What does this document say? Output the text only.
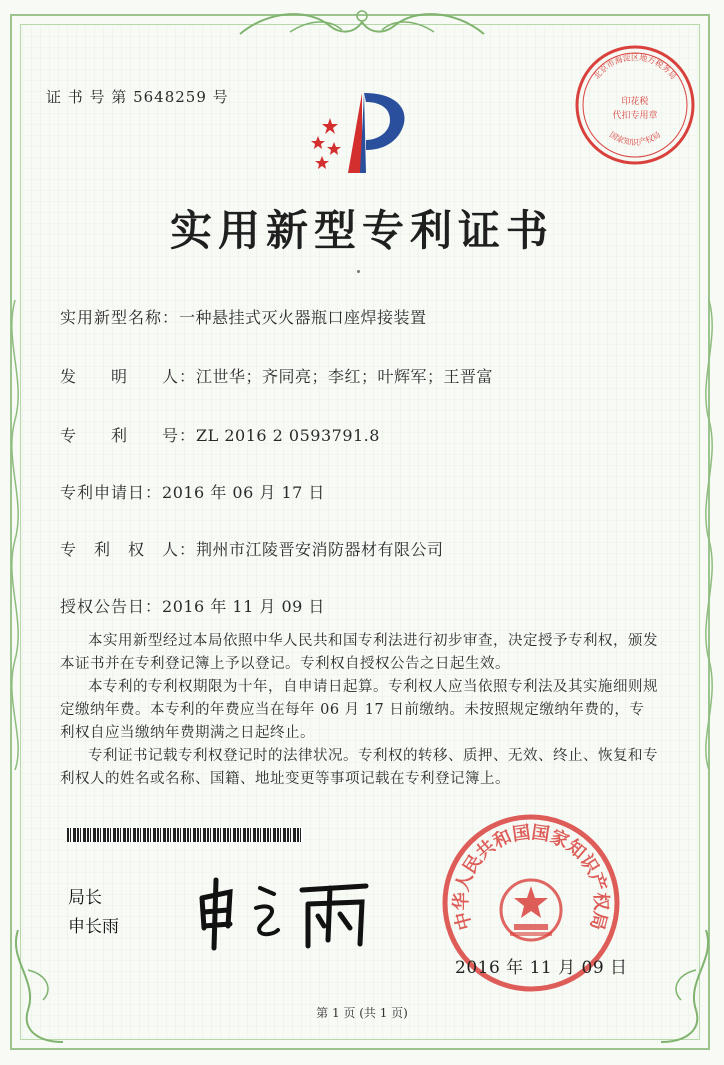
证 书 号 第 5648259 号
实用新型专利证书
实用新型名称：一种悬挂式灭火器瓶口座焊接装置
发　　明　　人：江世华；齐同亮；李红；叶辉军；王晋富
专　　利　　号：ZL 2016 2 0593791.8
专利申请日：2016 年 06 月 17 日
专　利　权　人：荆州市江陵晋安消防器材有限公司
授权公告日：2016 年 11 月 09 日

本实用新型经过本局依照中华人民共和国专利法进行初步审查，决定授予专利权，颁发本证书并在专利登记簿上予以登记。专利权自授权公告之日起生效。

本专利的专利权期限为十年，自申请日起算。专利权人应当依照专利法及其实施细则规定缴纳年费。本专利的年费应当在每年 06 月 17 日前缴纳。未按照规定缴纳年费的，专利权自应当缴纳年费期满之日起终止。

专利证书记载专利权登记时的法律状况。专利权的转移、质押、无效、终止、恢复和专利权人的姓名或名称、国籍、地址变更等事项记载在专利登记簿上。

局长
申长雨
北京市海淀区地方税务局
印花税
代扣专用章
国家知识产权局
中华人民共和国国家知识产权局
2016 年 11 月 09 日
第 1 页 (共 1 页)
